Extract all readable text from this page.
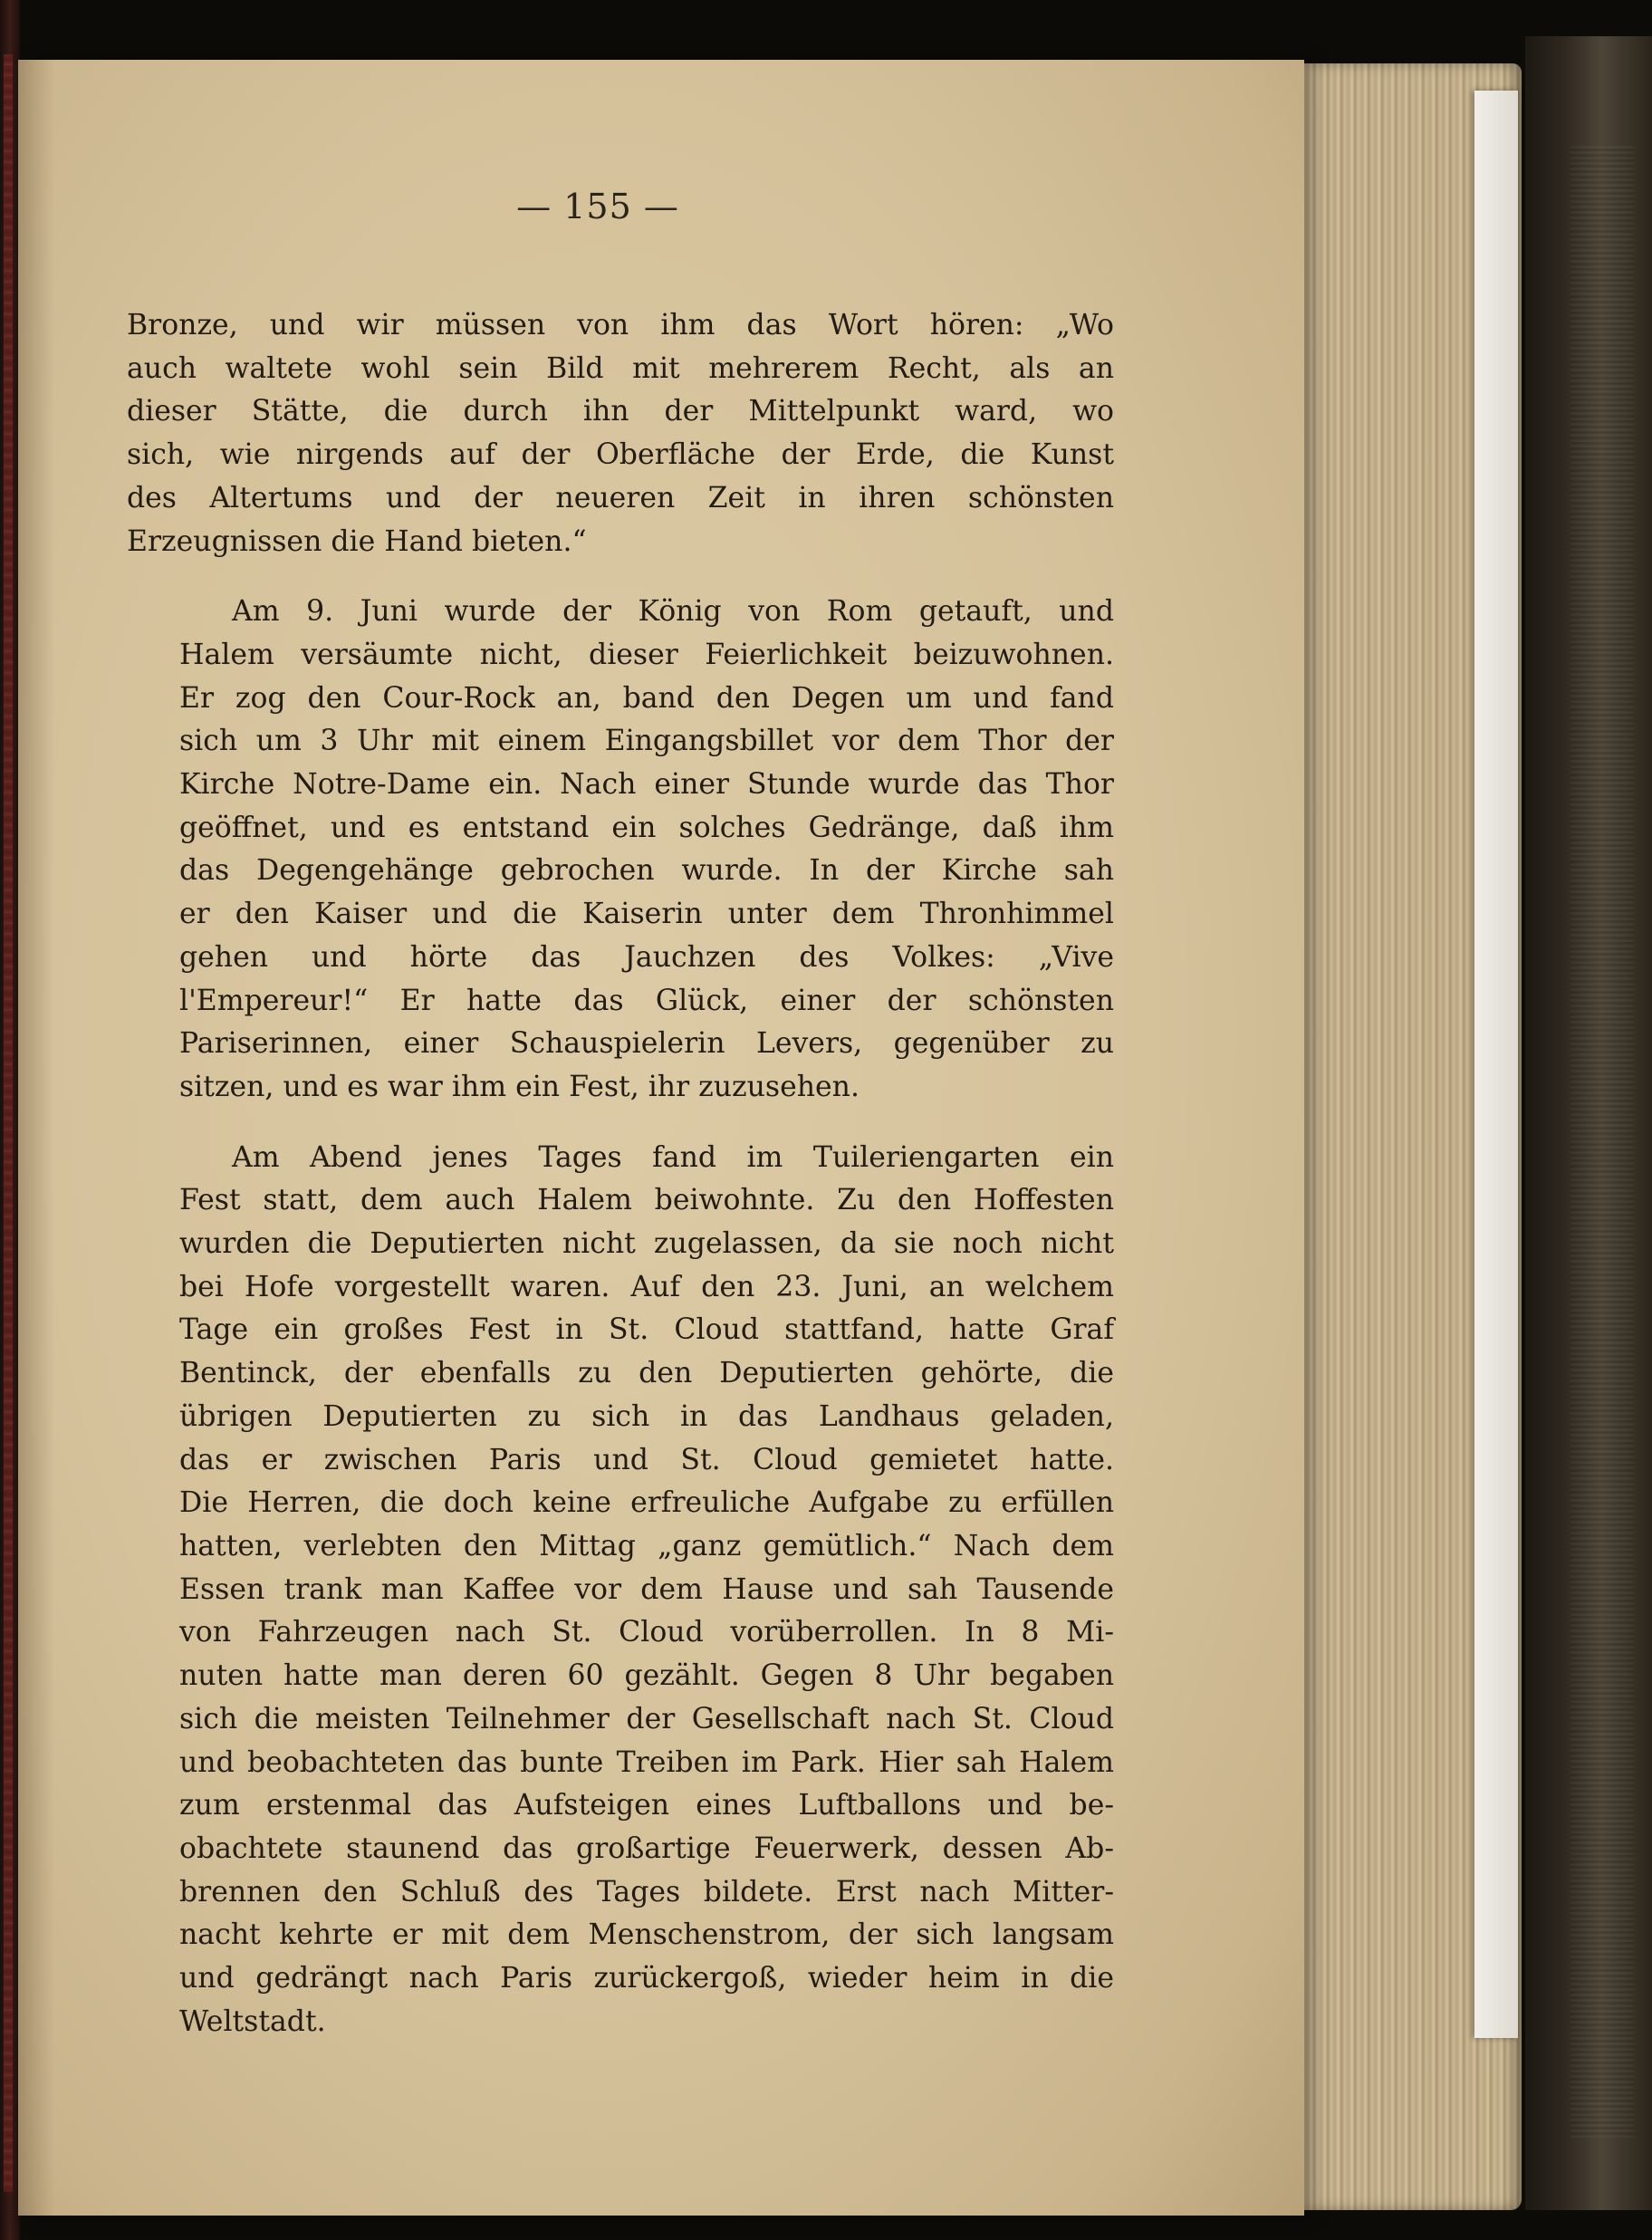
— 155 —

Bronze, und wir müssen von ihm das Wort hören: „Wo
auch waltete wohl sein Bild mit mehrerem Recht, als an
dieser Stätte, die durch ihn der Mittelpunkt ward, wo
sich, wie nirgends auf der Oberfläche der Erde, die Kunst
des Altertums und der neueren Zeit in ihren schönsten
Erzeugnissen die Hand bieten.“

Am 9. Juni wurde der König von Rom getauft, und
Halem versäumte nicht, dieser Feierlichkeit beizuwohnen.
Er zog den Cour-Rock an, band den Degen um und fand
sich um 3 Uhr mit einem Eingangsbillet vor dem Thor der
Kirche Notre-Dame ein. Nach einer Stunde wurde das Thor
geöffnet, und es entstand ein solches Gedränge, daß ihm
das Degengehänge gebrochen wurde. In der Kirche sah
er den Kaiser und die Kaiserin unter dem Thronhimmel
gehen und hörte das Jauchzen des Volkes: „Vive
l'Empereur!“ Er hatte das Glück, einer der schönsten
Pariserinnen, einer Schauspielerin Levers, gegenüber zu
sitzen, und es war ihm ein Fest, ihr zuzusehen.

Am Abend jenes Tages fand im Tuileriengarten ein
Fest statt, dem auch Halem beiwohnte. Zu den Hoffesten
wurden die Deputierten nicht zugelassen, da sie noch nicht
bei Hofe vorgestellt waren. Auf den 23. Juni, an welchem
Tage ein großes Fest in St. Cloud stattfand, hatte Graf
Bentinck, der ebenfalls zu den Deputierten gehörte, die
übrigen Deputierten zu sich in das Landhaus geladen,
das er zwischen Paris und St. Cloud gemietet hatte.
Die Herren, die doch keine erfreuliche Aufgabe zu erfüllen
hatten, verlebten den Mittag „ganz gemütlich.“ Nach dem
Essen trank man Kaffee vor dem Hause und sah Tausende
von Fahrzeugen nach St. Cloud vorüberrollen. In 8 Mi-
nuten hatte man deren 60 gezählt. Gegen 8 Uhr begaben
sich die meisten Teilnehmer der Gesellschaft nach St. Cloud
und beobachteten das bunte Treiben im Park. Hier sah Halem
zum erstenmal das Aufsteigen eines Luftballons und be-
obachtete staunend das großartige Feuerwerk, dessen Ab-
brennen den Schluß des Tages bildete. Erst nach Mitter-
nacht kehrte er mit dem Menschenstrom, der sich langsam
und gedrängt nach Paris zurückergoß, wieder heim in die
Weltstadt.
